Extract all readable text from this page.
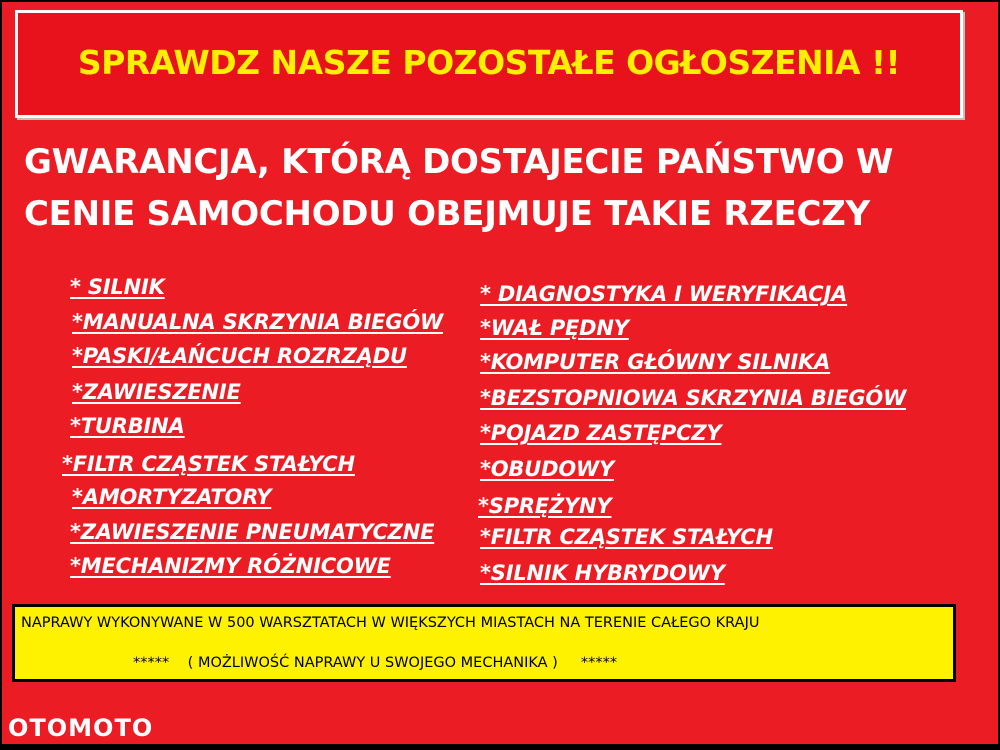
SPRAWDZ NASZE POZOSTAŁE OGŁOSZENIA !!
GWARANCJA, KTÓRĄ DOSTAJECIE PAŃSTWO W
CENIE SAMOCHODU OBEJMUJE TAKIE RZECZY
* SILNIK
*MANUALNA SKRZYNIA BIEGÓW
*PASKI/ŁAŃCUCH ROZRZĄDU
*ZAWIESZENIE
*TURBINA
*FILTR CZĄSTEK STAŁYCH
*AMORTYZATORY
*ZAWIESZENIE PNEUMATYCZNE
*MECHANIZMY RÓŻNICOWE
* DIAGNOSTYKA I WERYFIKACJA
*WAŁ PĘDNY
*KOMPUTER GŁÓWNY SILNIKA
*BEZSTOPNIOWA SKRZYNIA BIEGÓW
*POJAZD ZASTĘPCZY
*OBUDOWY
*SPRĘŻYNY
*FILTR CZĄSTEK STAŁYCH
*SILNIK HYBRYDOWY
NAPRAWY WYKONYWANE W 500 WARSZTATACH W WIĘKSZYCH MIASTACH NA TERENIE CAŁEGO KRAJU
*****    ( MOŻLIWOŚĆ NAPRAWY U SWOJEGO MECHANIKA )     *****
OTOMOTO
